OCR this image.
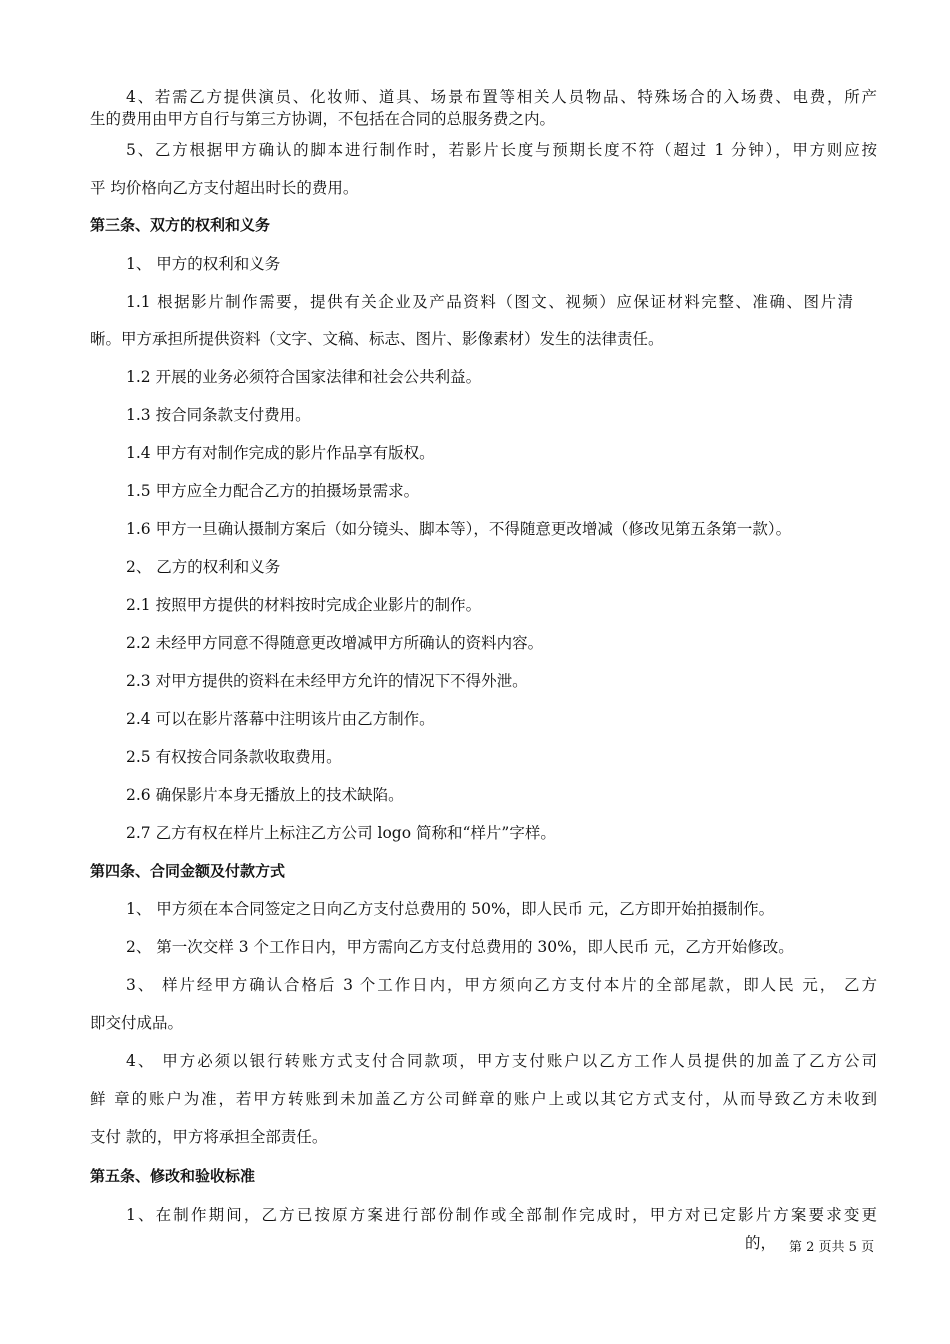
4、若需乙方提供演员、化妆师、道具、场景布置等相关人员物品、特殊场合的入场费、电费，所产
生的费用由甲方自行与第三方协调，不包括在合同的总服务费之内。
5、乙方根据甲方确认的脚本进行制作时，若影片长度与预期长度不符（超过 1 分钟），甲方则应按
平 均价格向乙方支付超出时长的费用。
第三条、双方的权利和义务
1、 甲方的权利和义务
1.1 根据影片制作需要，提供有关企业及产品资料（图文、视频）应保证材料完整、准确、图片清
晰。甲方承担所提供资料（文字、文稿、标志、图片、影像素材）发生的法律责任。
1.2 开展的业务必须符合国家法律和社会公共利益。
1.3 按合同条款支付费用。
1.4 甲方有对制作完成的影片作品享有版权。
1.5 甲方应全力配合乙方的拍摄场景需求。
1.6 甲方一旦确认摄制方案后（如分镜头、脚本等），不得随意更改增减（修改见第五条第一款）。
2、 乙方的权利和义务
2.1 按照甲方提供的材料按时完成企业影片的制作。
2.2 未经甲方同意不得随意更改增减甲方所确认的资料内容。
2.3 对甲方提供的资料在未经甲方允许的情况下不得外泄。
2.4 可以在影片落幕中注明该片由乙方制作。
2.5 有权按合同条款收取费用。
2.6 确保影片本身无播放上的技术缺陷。
2.7 乙方有权在样片上标注乙方公司 logo 简称和“样片”字样。
第四条、合同金额及付款方式
1、 甲方须在本合同签定之日向乙方支付总费用的 50%，即人民币 元，乙方即开始拍摄制作。
2、 第一次交样 3 个工作日内，甲方需向乙方支付总费用的 30%，即人民币 元，乙方开始修改。
3、 样片经甲方确认合格后 3 个工作日内，甲方须向乙方支付本片的全部尾款，即人民 元， 乙方
即交付成品。
4、 甲方必须以银行转账方式支付合同款项，甲方支付账户以乙方工作人员提供的加盖了乙方公司
鲜 章的账户为准，若甲方转账到未加盖乙方公司鲜章的账户上或以其它方式支付，从而导致乙方未收到
支付 款的，甲方将承担全部责任。
第五条、修改和验收标准
1、在制作期间，乙方已按原方案进行部份制作或全部制作完成时，甲方对已定影片方案要求变更
的， 第 2 页共 5 页
